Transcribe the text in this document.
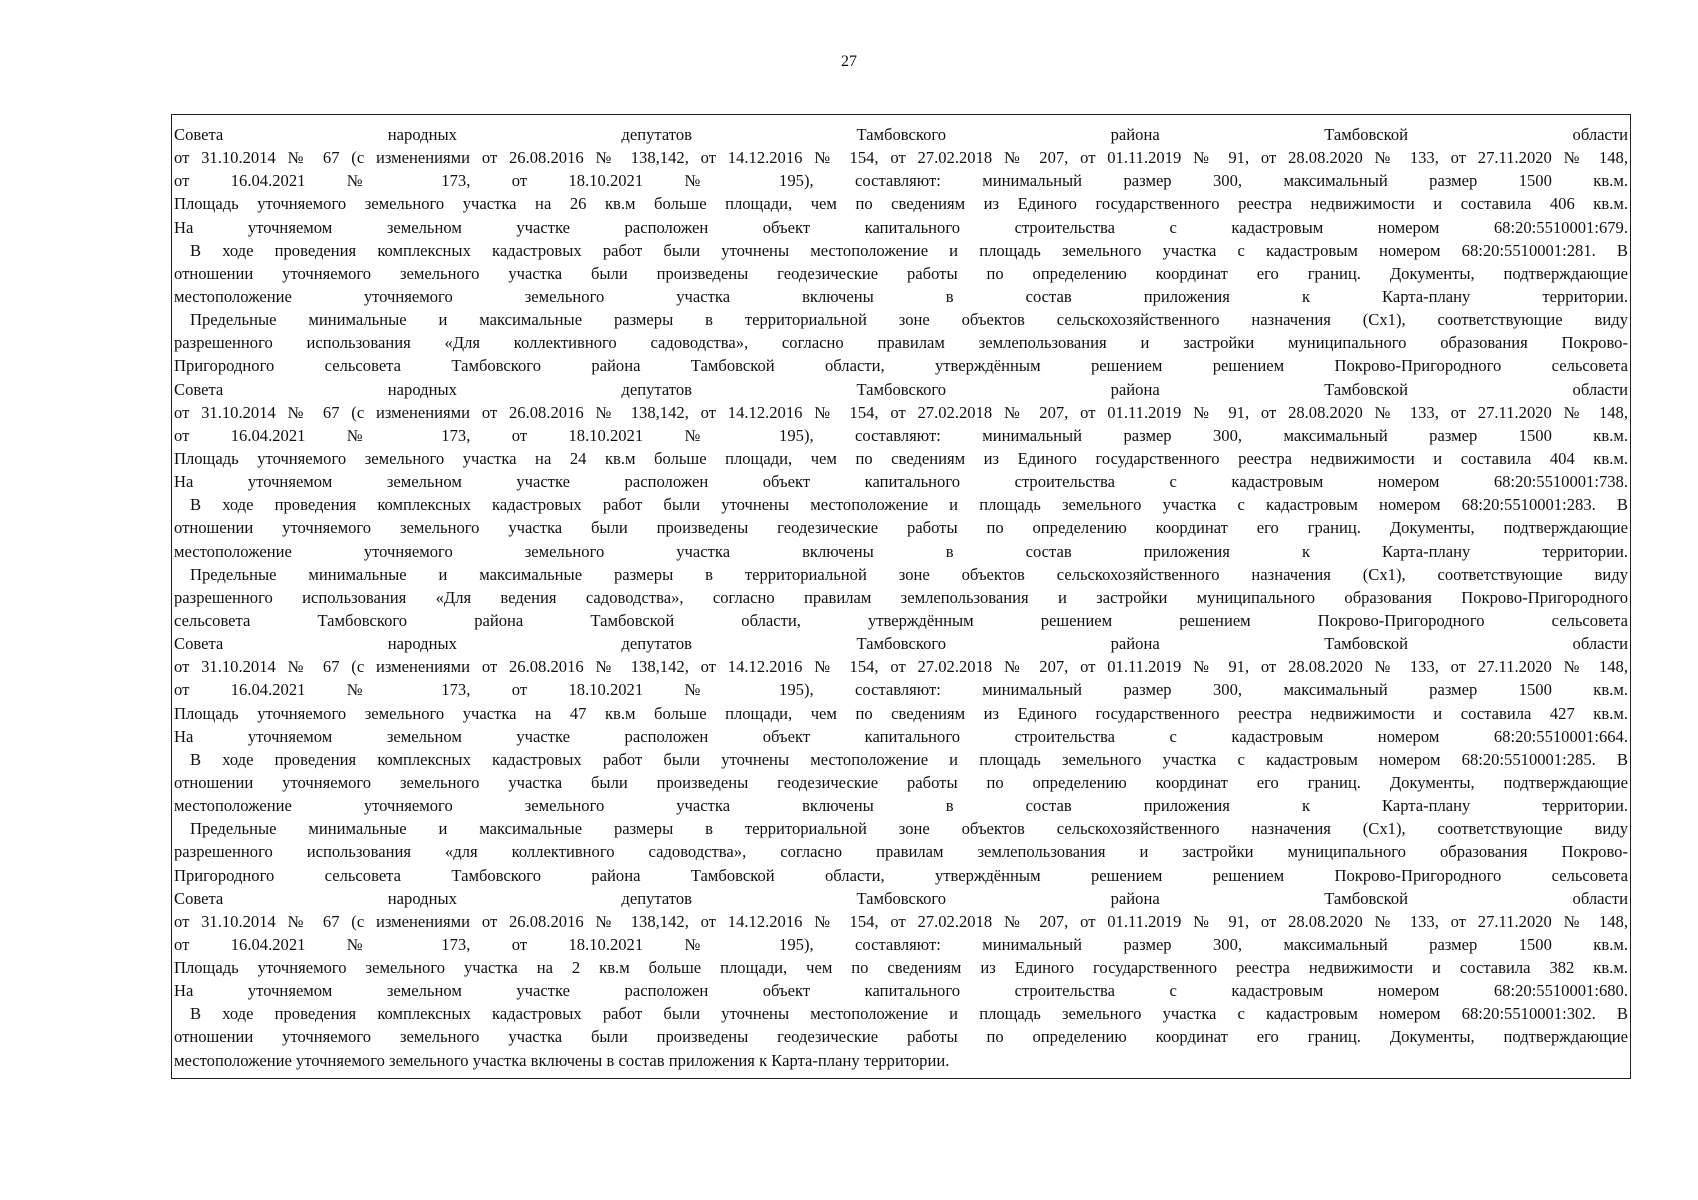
27
Совета народных депутатов Тамбовского района Тамбовской области
от 31.10.2014 № 67 (с изменениями от 26.08.2016 № 138,142, от 14.12.2016 № 154, от 27.02.2018 № 207, от 01.11.2019 № 91, от 28.08.2020 № 133, от 27.11.2020 № 148,
от 16.04.2021 № 173, от 18.10.2021 № 195), составляют: минимальный размер 300, максимальный размер 1500 кв.м.
Площадь уточняемого земельного участка на 26 кв.м больше площади, чем по сведениям из Единого государственного реестра недвижимости и составила 406 кв.м.
На уточняемом земельном участке расположен объект капитального строительства с кадастровым номером 68:20:5510001:679.
В ходе проведения комплексных кадастровых работ были уточнены местоположение и площадь земельного участка с кадастровым номером 68:20:5510001:281. В
отношении уточняемого земельного участка были произведены геодезические работы по определению координат его границ. Документы, подтверждающие
местоположение уточняемого земельного участка включены в состав приложения к Карта-плану территории.
Предельные минимальные и максимальные размеры в территориальной зоне объектов сельскохозяйственного назначения (Сх1), соответствующие виду
разрешенного использования «Для коллективного садоводства», согласно правилам землепользования и застройки муниципального образования Покрово-
Пригородного сельсовета Тамбовского района Тамбовской области, утверждённым решением решением Покрово-Пригородного сельсовета
Совета народных депутатов Тамбовского района Тамбовской области
от 31.10.2014 № 67 (с изменениями от 26.08.2016 № 138,142, от 14.12.2016 № 154, от 27.02.2018 № 207, от 01.11.2019 № 91, от 28.08.2020 № 133, от 27.11.2020 № 148,
от 16.04.2021 № 173, от 18.10.2021 № 195), составляют: минимальный размер 300, максимальный размер 1500 кв.м.
Площадь уточняемого земельного участка на 24 кв.м больше площади, чем по сведениям из Единого государственного реестра недвижимости и составила 404 кв.м.
На уточняемом земельном участке расположен объект капитального строительства с кадастровым номером 68:20:5510001:738.
В ходе проведения комплексных кадастровых работ были уточнены местоположение и площадь земельного участка с кадастровым номером 68:20:5510001:283. В
отношении уточняемого земельного участка были произведены геодезические работы по определению координат его границ. Документы, подтверждающие
местоположение уточняемого земельного участка включены в состав приложения к Карта-плану территории.
Предельные минимальные и максимальные размеры в территориальной зоне объектов сельскохозяйственного назначения (Сх1), соответствующие виду
разрешенного использования «Для ведения садоводства», согласно правилам землепользования и застройки муниципального образования Покрово-Пригородного
сельсовета Тамбовского района Тамбовской области, утверждённым решением решением Покрово-Пригородного сельсовета
Совета народных депутатов Тамбовского района Тамбовской области
от 31.10.2014 № 67 (с изменениями от 26.08.2016 № 138,142, от 14.12.2016 № 154, от 27.02.2018 № 207, от 01.11.2019 № 91, от 28.08.2020 № 133, от 27.11.2020 № 148,
от 16.04.2021 № 173, от 18.10.2021 № 195), составляют: минимальный размер 300, максимальный размер 1500 кв.м.
Площадь уточняемого земельного участка на 47 кв.м больше площади, чем по сведениям из Единого государственного реестра недвижимости и составила 427 кв.м.
На уточняемом земельном участке расположен объект капитального строительства с кадастровым номером 68:20:5510001:664.
В ходе проведения комплексных кадастровых работ были уточнены местоположение и площадь земельного участка с кадастровым номером 68:20:5510001:285. В
отношении уточняемого земельного участка были произведены геодезические работы по определению координат его границ. Документы, подтверждающие
местоположение уточняемого земельного участка включены в состав приложения к Карта-плану территории.
Предельные минимальные и максимальные размеры в территориальной зоне объектов сельскохозяйственного назначения (Сх1), соответствующие виду
разрешенного использования «для коллективного садоводства», согласно правилам землепользования и застройки муниципального образования Покрово-
Пригородного сельсовета Тамбовского района Тамбовской области, утверждённым решением решением Покрово-Пригородного сельсовета
Совета народных депутатов Тамбовского района Тамбовской области
от 31.10.2014 № 67 (с изменениями от 26.08.2016 № 138,142, от 14.12.2016 № 154, от 27.02.2018 № 207, от 01.11.2019 № 91, от 28.08.2020 № 133, от 27.11.2020 № 148,
от 16.04.2021 № 173, от 18.10.2021 № 195), составляют: минимальный размер 300, максимальный размер 1500 кв.м.
Площадь уточняемого земельного участка на 2 кв.м больше площади, чем по сведениям из Единого государственного реестра недвижимости и составила 382 кв.м.
На уточняемом земельном участке расположен объект капитального строительства с кадастровым номером 68:20:5510001:680.
В ходе проведения комплексных кадастровых работ были уточнены местоположение и площадь земельного участка с кадастровым номером 68:20:5510001:302. В
отношении уточняемого земельного участка были произведены геодезические работы по определению координат его границ. Документы, подтверждающие
местоположение уточняемого земельного участка включены в состав приложения к Карта-плану территории.
